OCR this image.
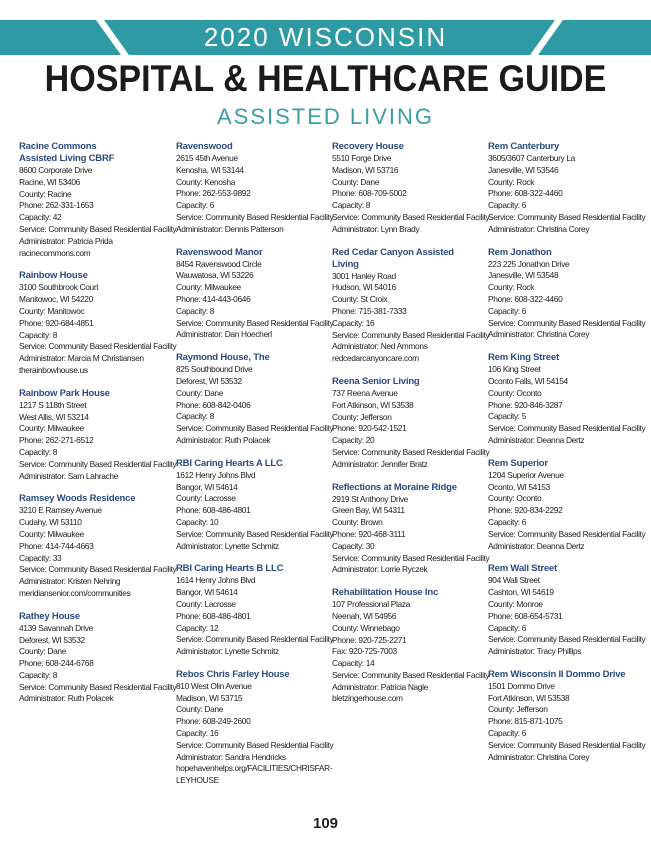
2020 WISCONSIN
HOSPITAL & HEALTHCARE GUIDE
ASSISTED LIVING
Racine Commons
Assisted Living CBRF
8600 Corporate Drive
Racine, WI 53406
County: Racine
Phone: 262-331-1653
Capacity: 42
Service: Community Based Residential Facility
Administrator: Patricia Prida
racinecommons.com
Rainbow House
3100 Southbrook Court
Manitowoc, WI 54220
County: Manitowoc
Phone: 920-684-4851
Capacity: 8
Service: Community Based Residential Facility
Administrator: Marcia M Christiansen
therainbowhouse.us
Rainbow Park House
1217 S 118th Street
West Allis, WI 53214
County: Milwaukee
Phone: 262-271-6512
Capacity: 8
Service: Community Based Residential Facility
Administrator: Sam Lahrache
Ramsey Woods Residence
3210 E Ramsey Avenue
Cudahy, WI 53110
County: Milwaukee
Phone: 414-744-4663
Capacity: 33
Service: Community Based Residential Facility
Administrator: Kristen Nehring
meridiansenior.com/communities
Rathey House
4139 Savannah Drive
Deforest, WI 53532
County: Dane
Phone: 608-244-6768
Capacity: 8
Service: Community Based Residential Facility
Administrator: Ruth Polacek
Ravenswood
2615 45th Avenue
Kenosha, WI 53144
County: Kenosha
Phone: 262-553-9892
Capacity: 6
Service: Community Based Residential Facility
Administrator: Dennis Patterson
Ravenswood Manor
8454 Ravenswood Circle
Wauwatosa, WI 53226
County: Milwaukee
Phone: 414-443-0646
Capacity: 8
Service: Community Based Residential Facility
Administrator: Dan Hoecherl
Raymond House, The
825 Southbound Drive
Deforest, WI 53532
County: Dane
Phone: 608-842-0406
Capacity: 8
Service: Community Based Residential Facility
Administrator: Ruth Polacek
RBI Caring Hearts A LLC
1612 Henry Johns Blvd
Bangor, WI 54614
County: Lacrosse
Phone: 608-486-4801
Capacity: 10
Service: Community Based Residential Facility
Administrator: Lynette Schmitz
RBI Caring Hearts B LLC
1614 Henry Johns Blvd
Bangor, WI 54614
County: Lacrosse
Phone: 608-486-4801
Capacity: 12
Service: Community Based Residential Facility
Administrator: Lynette Schmitz
Rebos Chris Farley House
810 West Olin Avenue
Madison, WI 53715
County: Dane
Phone: 608-249-2600
Capacity: 16
Service: Community Based Residential Facility
Administrator: Sandra Hendricks
hopehavenhelps.org/FACILITIES/CHRISFAR-
LEYHOUSE
Recovery House
5510 Forge Drive
Madison, WI 53716
County: Dane
Phone: 608-709-5002
Capacity: 8
Service: Community Based Residential Facility
Administrator: Lynn Brady
Red Cedar Canyon Assisted Living
3001 Hanley Road
Hudson, WI 54016
County: St Croix
Phone: 715-381-7333
Capacity: 16
Service: Community Based Residential Facility
Administrator: Ned Ammons
redcedarcanyoncare.com
Reena Senior Living
737 Reena Avenue
Fort Atkinson, WI 53538
County: Jefferson
Phone: 920-542-1521
Capacity: 20
Service: Community Based Residential Facility
Administrator: Jennifer Bratz
Reflections at Moraine Ridge
2919 St Anthony Drive
Green Bay, WI 54311
County: Brown
Phone: 920-468-3111
Capacity: 30
Service: Community Based Residential Facility
Administrator: Lorrie Ryczek
Rehabilitation House Inc
107 Professional Plaza
Neenah, WI 54956
County: Winnebago
Phone: 920-725-2271
Fax: 920-725-7003
Capacity: 14
Service: Community Based Residential Facility
Administrator: Patricia Nagle
bletzingerhouse.com
Rem Canterbury
3605/3607 Canterbury La
Janesville, WI 53546
County: Rock
Phone: 608-322-4460
Capacity: 6
Service: Community Based Residential Facility
Administrator: Christina Corey
Rem Jonathon
223 225 Jonathon Drive
Janesville, WI 53548
County: Rock
Phone: 608-322-4460
Capacity: 6
Service: Community Based Residential Facility
Administrator: Christina Corey
Rem King Street
106 King Street
Oconto Falls, WI 54154
County: Oconto
Phone: 920-846-3287
Capacity: 5
Service: Community Based Residential Facility
Administrator: Deanna Dertz
Rem Superior
1204 Superior Avenue
Oconto, WI 54153
County: Oconto
Phone: 920-834-2292
Capacity: 6
Service: Community Based Residential Facility
Administrator: Deanna Dertz
Rem Wall Street
904 Wall Street
Cashton, WI 54619
County: Monroe
Phone: 608-654-5731
Capacity: 6
Service: Community Based Residential Facility
Administrator: Tracy Phillips
Rem Wisconsin II Dommo Drive
1501 Dommo Drive
Fort Atkinson, WI 53538
County: Jefferson
Phone: 815-871-1075
Capacity: 6
Service: Community Based Residential Facility
Administrator: Christina Corey
109
